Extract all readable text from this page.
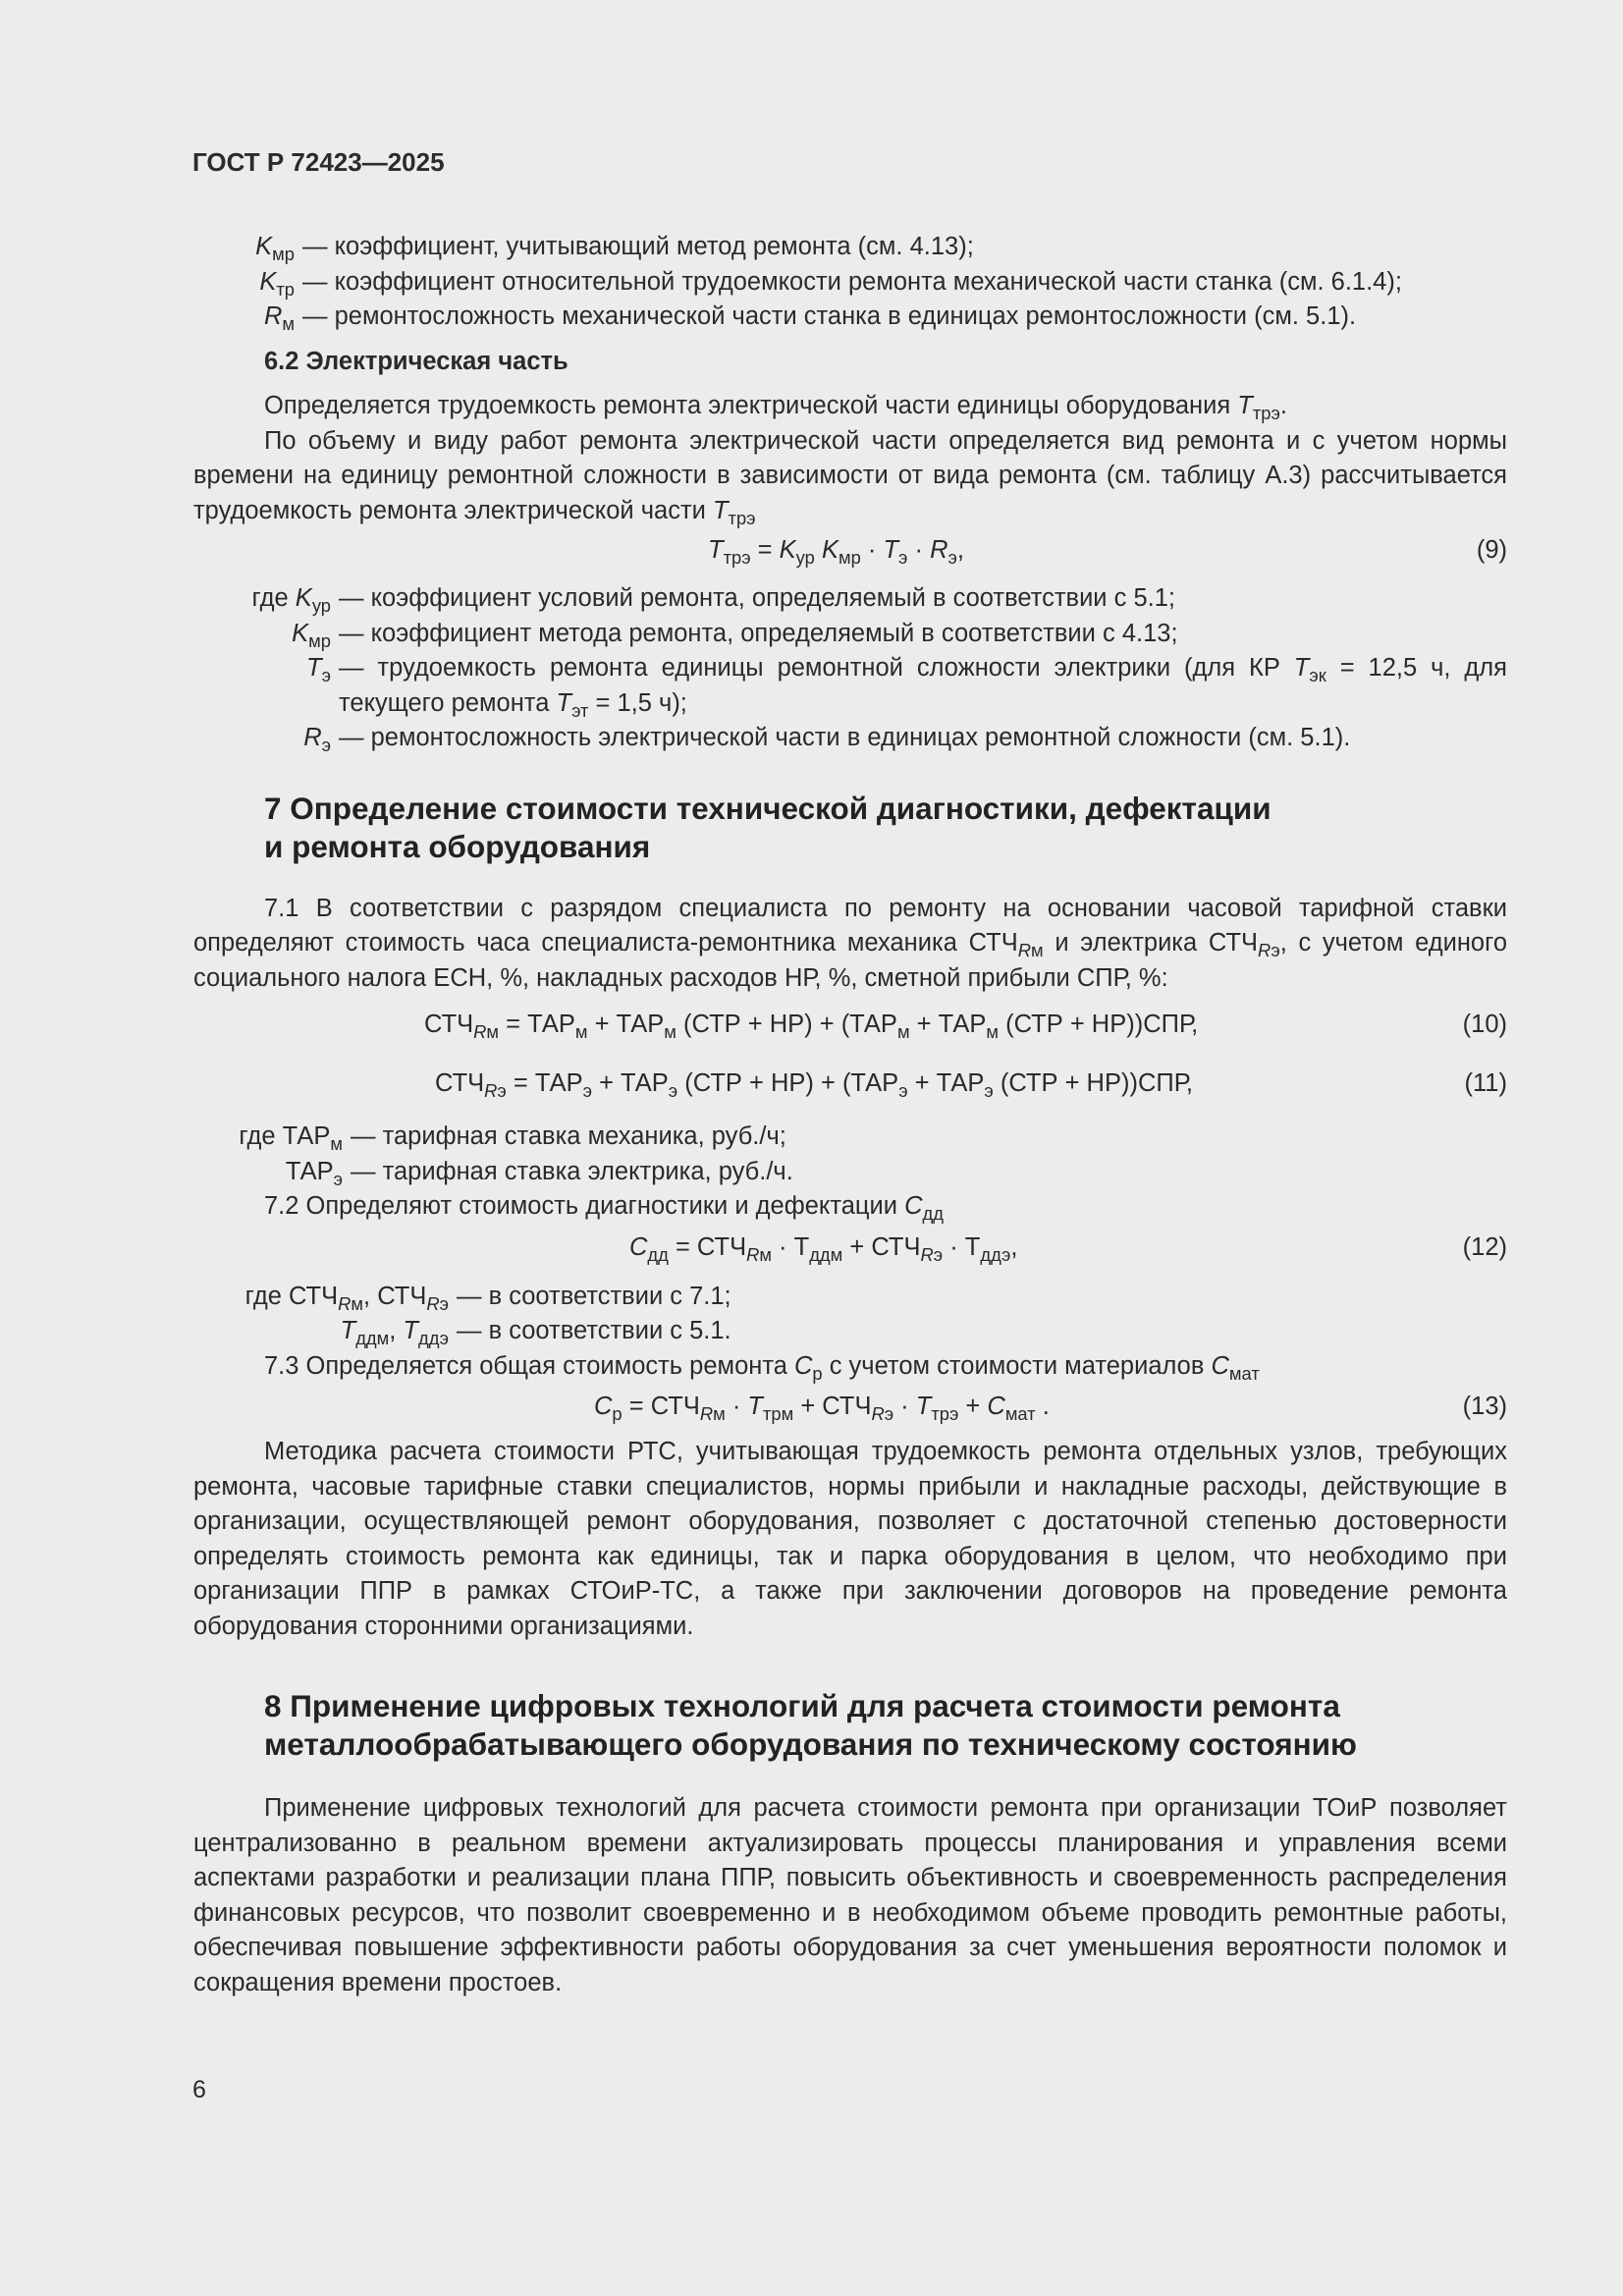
ГОСТ Р 72423—2025
$K_{мр}$ — коэффициент, учитывающий метод ремонта (см. 4.13);
$K_{тр}$ — коэффициент относительной трудоемкости ремонта механической части станка (см. 6.1.4);
$R_м$ — ремонтосложность механической части станка в единицах ремонтосложности (см. 5.1).
6.2 Электрическая часть

Определяется трудоемкость ремонта электрической части единицы оборудования $T_{трэ}$.

По объему и виду работ ремонта электрической части определяется вид ремонта и с учетом нормы времени на единицу ремонтной сложности в зависимости от вида ремонта (см. таблицу А.3) рассчитывается трудоемкость ремонта электрической части $T_{трэ}$

$T_{трэ} = K_{ур}$ $K_{мр} \cdot T_э \cdot R_э$,	(9)
где $K_{ур}$ — коэффициент условий ремонта, определяемый в соответствии с 5.1;
$K_{мр}$ — коэффициент метода ремонта, определяемый в соответствии с 4.13;
$T_э$ — трудоемкость ремонта единицы ремонтной сложности электрики (для КР $T_{эк} = 12,5$ ч, для текущего ремонта $T_{эт} = 1,5$ ч);
$R_э$ — ремонтосложность электрической части в единицах ремонтной сложности (см. 5.1).
7 Определение стоимости технической диагностики, дефектации
и ремонта оборудования

7.1 В соответствии с разрядом специалиста по ремонту на основании часовой тарифной ставки определяют стоимость часа специалиста-ремонтника механика $СТЧ_{Rм}$ и электрика $СТЧ_{Rэ}$, с учетом единого социального налога ЕСН, %, накладных расходов НР, %, сметной прибыли СПР, %:

$СТЧ_{Rм} = ТАР_м + ТАР_м$ $(СТР + НР) + (ТАР_м + ТАР_м$ (СТР + НР))СПР,	(10)
$СТЧ_{Rэ} = ТАР_э + ТАР_э$ $(СТР + НР) + (ТАР_э + ТАР_э$ (СТР + НР))СПР,	(11)
где $ТАР_м$ — тарифная ставка механика, руб./ч;
$ТАР_э$ — тарифная ставка электрика, руб./ч.

7.2 Определяют стоимость диагностики и дефектации $C_{дд}$

$C_{дд} = СТЧ_{Rм} \cdot Т_{ддм} + СТЧ_{Rэ} \cdot Т_{ддэ}$,	(12)
где $СТЧ_{Rм}$, $СТЧ_{Rэ}$ — в соответствии с 7.1;
$T_{ддм}$, $T_{ддэ}$ — в соответствии с 5.1.

7.3 Определяется общая стоимость ремонта $C_р$ с учетом стоимости материалов $C_{мат}$

$C_р = СТЧ_{Rм} \cdot T_{трм} + СТЧ_{Rэ} \cdot T_{трэ} + C_{мат}$ .	(13)

Методика расчета стоимости РТС, учитывающая трудоемкость ремонта отдельных узлов, требующих ремонта, часовые тарифные ставки специалистов, нормы прибыли и накладные расходы, действующие в организации, осуществляющей ремонт оборудования, позволяет с достаточной степенью достоверности определять стоимость ремонта как единицы, так и парка оборудования в целом, что необходимо при организации ППР в рамках СТОиР-ТС, а также при заключении договоров на проведение ремонта оборудования сторонними организациями.

8 Применение цифровых технологий для расчета стоимости ремонта
металлообрабатывающего оборудования по техническому состоянию

Применение цифровых технологий для расчета стоимости ремонта при организации ТОиР позволяет централизованно в реальном времени актуализировать процессы планирования и управления всеми аспектами разработки и реализации плана ППР, повысить объективность и своевременность распределения финансовых ресурсов, что позволит своевременно и в необходимом объеме проводить ремонтные работы, обеспечивая повышение эффективности работы оборудования за счет уменьшения вероятности поломок и сокращения времени простоев.

6
